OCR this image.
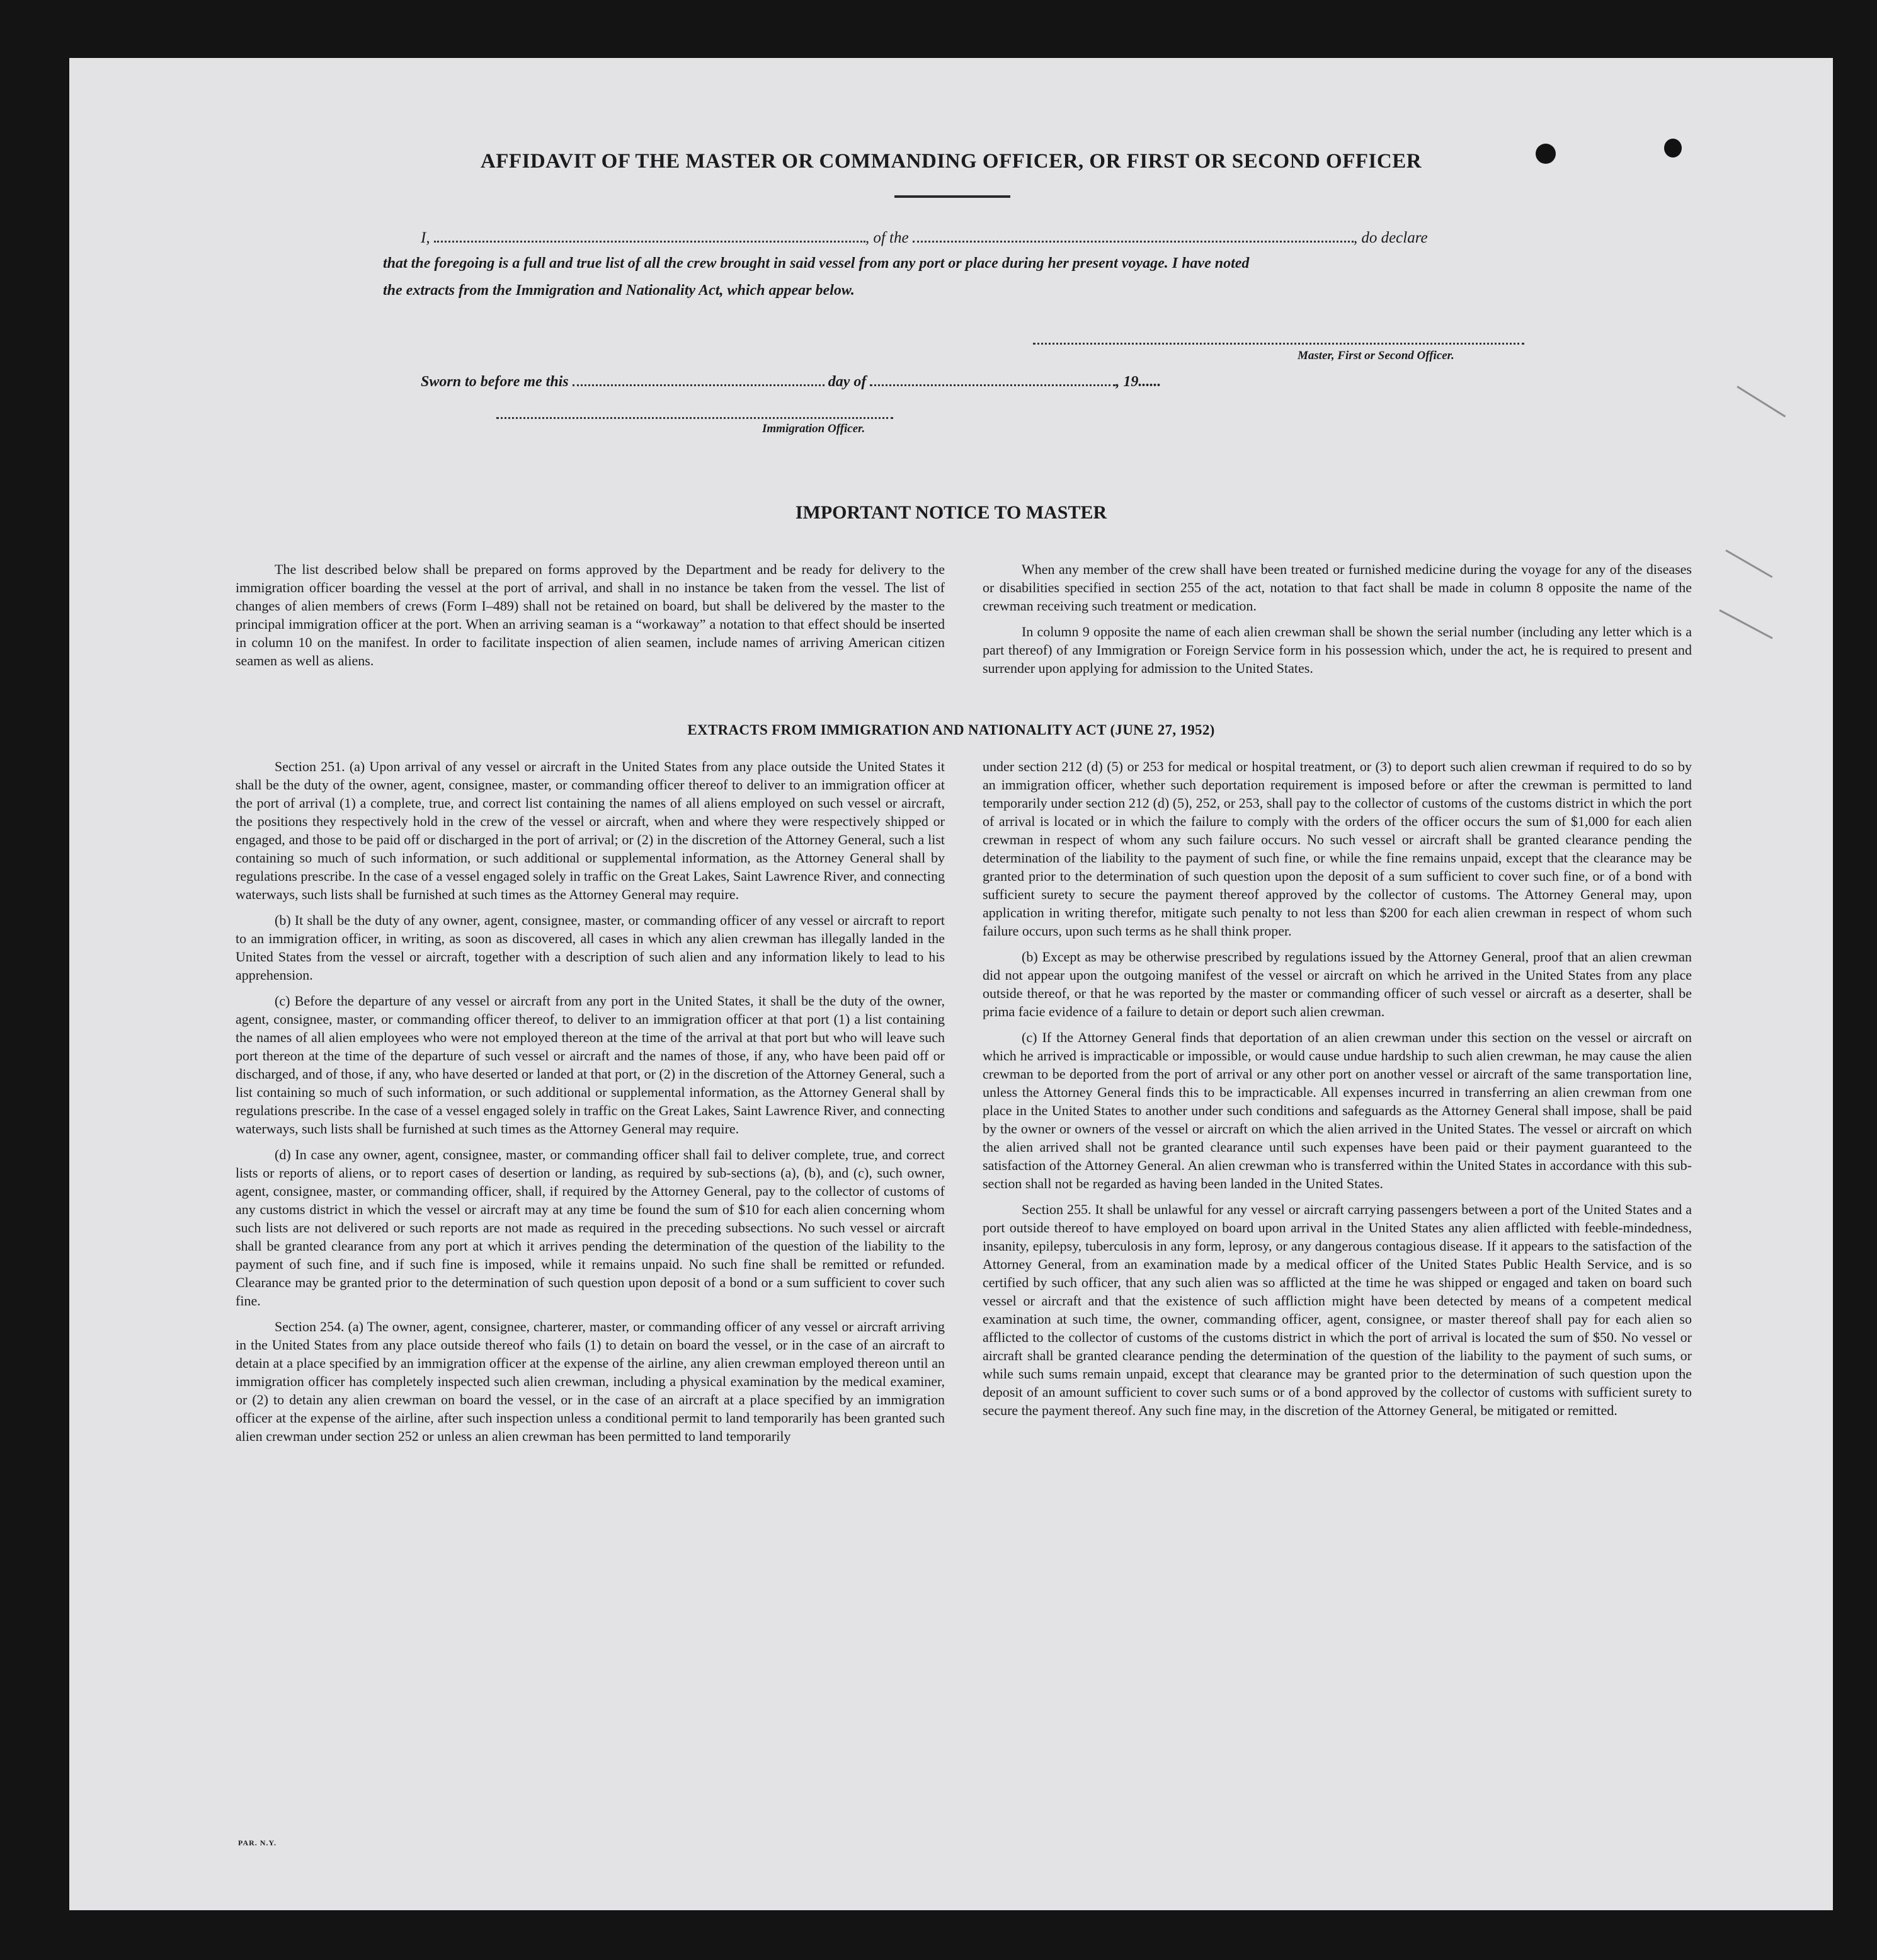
AFFIDAVIT OF THE MASTER OR COMMANDING OFFICER, OR FIRST OR SECOND OFFICER
I,	, of the	, do declare
that the foregoing is a full and true list of all the crew brought in said vessel from any port or place during her present voyage. I have noted
the extracts from the Immigration and Nationality Act, which appear below.
Master, First or Second Officer.
Sworn to before me this	day of	, 19......
Immigration Officer.
IMPORTANT NOTICE TO MASTER

The list described below shall be prepared on forms approved by the Department and be ready for delivery to the immigration officer boarding the vessel at the port of arrival, and shall in no instance be taken from the vessel. The list of changes of alien members of crews (Form I–489) shall not be retained on board, but shall be delivered by the master to the principal immigration officer at the port. When an arriving seaman is a “workaway” a notation to that effect should be inserted in column 10 on the manifest. In order to facilitate inspection of alien seamen, include names of arriving American citizen seamen as well as aliens.

When any member of the crew shall have been treated or furnished medicine during the voyage for any of the diseases or disabilities specified in section 255 of the act, notation to that fact shall be made in column 8 opposite the name of the crewman receiving such treatment or medication.

In column 9 opposite the name of each alien crewman shall be shown the serial number (including any letter which is a part thereof) of any Immigration or Foreign Service form in his possession which, under the act, he is required to present and surrender upon applying for admission to the United States.

EXTRACTS FROM IMMIGRATION AND NATIONALITY ACT (JUNE 27, 1952)

Section 251. (a) Upon arrival of any vessel or aircraft in the United States from any place outside the United States it shall be the duty of the owner, agent, consignee, master, or commanding officer thereof to deliver to an immigration officer at the port of arrival (1) a complete, true, and correct list containing the names of all aliens employed on such vessel or aircraft, the positions they respectively hold in the crew of the vessel or aircraft, when and where they were respectively shipped or engaged, and those to be paid off or discharged in the port of arrival; or (2) in the discretion of the Attorney General, such a list containing so much of such information, or such additional or supplemental information, as the Attorney General shall by regulations prescribe. In the case of a vessel engaged solely in traffic on the Great Lakes, Saint Lawrence River, and connecting waterways, such lists shall be furnished at such times as the Attorney General may require.

(b) It shall be the duty of any owner, agent, consignee, master, or commanding officer of any vessel or aircraft to report to an immigration officer, in writing, as soon as discovered, all cases in which any alien crewman has illegally landed in the United States from the vessel or aircraft, together with a description of such alien and any information likely to lead to his apprehension.

(c) Before the departure of any vessel or aircraft from any port in the United States, it shall be the duty of the owner, agent, consignee, master, or commanding officer thereof, to deliver to an immigration officer at that port (1) a list containing the names of all alien employees who were not employed thereon at the time of the arrival at that port but who will leave such port thereon at the time of the departure of such vessel or aircraft and the names of those, if any, who have been paid off or discharged, and of those, if any, who have deserted or landed at that port, or (2) in the discretion of the Attorney General, such a list containing so much of such information, or such additional or supplemental information, as the Attorney General shall by regulations prescribe. In the case of a vessel engaged solely in traffic on the Great Lakes, Saint Lawrence River, and connecting waterways, such lists shall be furnished at such times as the Attorney General may require.

(d) In case any owner, agent, consignee, master, or commanding officer shall fail to deliver complete, true, and correct lists or reports of aliens, or to report cases of desertion or landing, as required by sub-sections (a), (b), and (c), such owner, agent, consignee, master, or commanding officer, shall, if required by the Attorney General, pay to the collector of customs of any customs district in which the vessel or aircraft may at any time be found the sum of $10 for each alien concerning whom such lists are not delivered or such reports are not made as required in the preceding subsections. No such vessel or aircraft shall be granted clearance from any port at which it arrives pending the determination of the question of the liability to the payment of such fine, and if such fine is imposed, while it remains unpaid. No such fine shall be remitted or refunded. Clearance may be granted prior to the determination of such question upon deposit of a bond or a sum sufficient to cover such fine.

Section 254. (a) The owner, agent, consignee, charterer, master, or commanding officer of any vessel or aircraft arriving in the United States from any place outside thereof who fails (1) to detain on board the vessel, or in the case of an aircraft to detain at a place specified by an immigration officer at the expense of the airline, any alien crewman employed thereon until an immigration officer has completely inspected such alien crewman, including a physical examination by the medical examiner, or (2) to detain any alien crewman on board the vessel, or in the case of an aircraft at a place specified by an immigration officer at the expense of the airline, after such inspection unless a conditional permit to land temporarily has been granted such alien crewman under section 252 or unless an alien crewman has been permitted to land temporarily

under section 212 (d) (5) or 253 for medical or hospital treatment, or (3) to deport such alien crewman if required to do so by an immigration officer, whether such deportation requirement is imposed before or after the crewman is permitted to land temporarily under section 212 (d) (5), 252, or 253, shall pay to the collector of customs of the customs district in which the port of arrival is located or in which the failure to comply with the orders of the officer occurs the sum of $1,000 for each alien crewman in respect of whom any such failure occurs. No such vessel or aircraft shall be granted clearance pending the determination of the liability to the payment of such fine, or while the fine remains unpaid, except that the clearance may be granted prior to the determination of such question upon the deposit of a sum sufficient to cover such fine, or of a bond with sufficient surety to secure the payment thereof approved by the collector of customs. The Attorney General may, upon application in writing therefor, mitigate such penalty to not less than $200 for each alien crewman in respect of whom such failure occurs, upon such terms as he shall think proper.

(b) Except as may be otherwise prescribed by regulations issued by the Attorney General, proof that an alien crewman did not appear upon the outgoing manifest of the vessel or aircraft on which he arrived in the United States from any place outside thereof, or that he was reported by the master or commanding officer of such vessel or aircraft as a deserter, shall be prima facie evidence of a failure to detain or deport such alien crewman.

(c) If the Attorney General finds that deportation of an alien crewman under this section on the vessel or aircraft on which he arrived is impracticable or impossible, or would cause undue hardship to such alien crewman, he may cause the alien crewman to be deported from the port of arrival or any other port on another vessel or aircraft of the same transportation line, unless the Attorney General finds this to be impracticable. All expenses incurred in transferring an alien crewman from one place in the United States to another under such conditions and safeguards as the Attorney General shall impose, shall be paid by the owner or owners of the vessel or aircraft on which the alien arrived in the United States. The vessel or aircraft on which the alien arrived shall not be granted clearance until such expenses have been paid or their payment guaranteed to the satisfaction of the Attorney General. An alien crewman who is transferred within the United States in accordance with this sub-section shall not be regarded as having been landed in the United States.

Section 255. It shall be unlawful for any vessel or aircraft carrying passengers between a port of the United States and a port outside thereof to have employed on board upon arrival in the United States any alien afflicted with feeble-mindedness, insanity, epilepsy, tuberculosis in any form, leprosy, or any dangerous contagious disease. If it appears to the satisfaction of the Attorney General, from an examination made by a medical officer of the United States Public Health Service, and is so certified by such officer, that any such alien was so afflicted at the time he was shipped or engaged and taken on board such vessel or aircraft and that the existence of such affliction might have been detected by means of a competent medical examination at such time, the owner, commanding officer, agent, consignee, or master thereof shall pay for each alien so afflicted to the collector of customs of the customs district in which the port of arrival is located the sum of $50. No vessel or aircraft shall be granted clearance pending the determination of the question of the liability to the payment of such sums, or while such sums remain unpaid, except that clearance may be granted prior to the determination of such question upon the deposit of an amount sufficient to cover such sums or of a bond approved by the collector of customs with sufficient surety to secure the payment thereof. Any such fine may, in the discretion of the Attorney General, be mitigated or remitted.

PAR. N.Y.
